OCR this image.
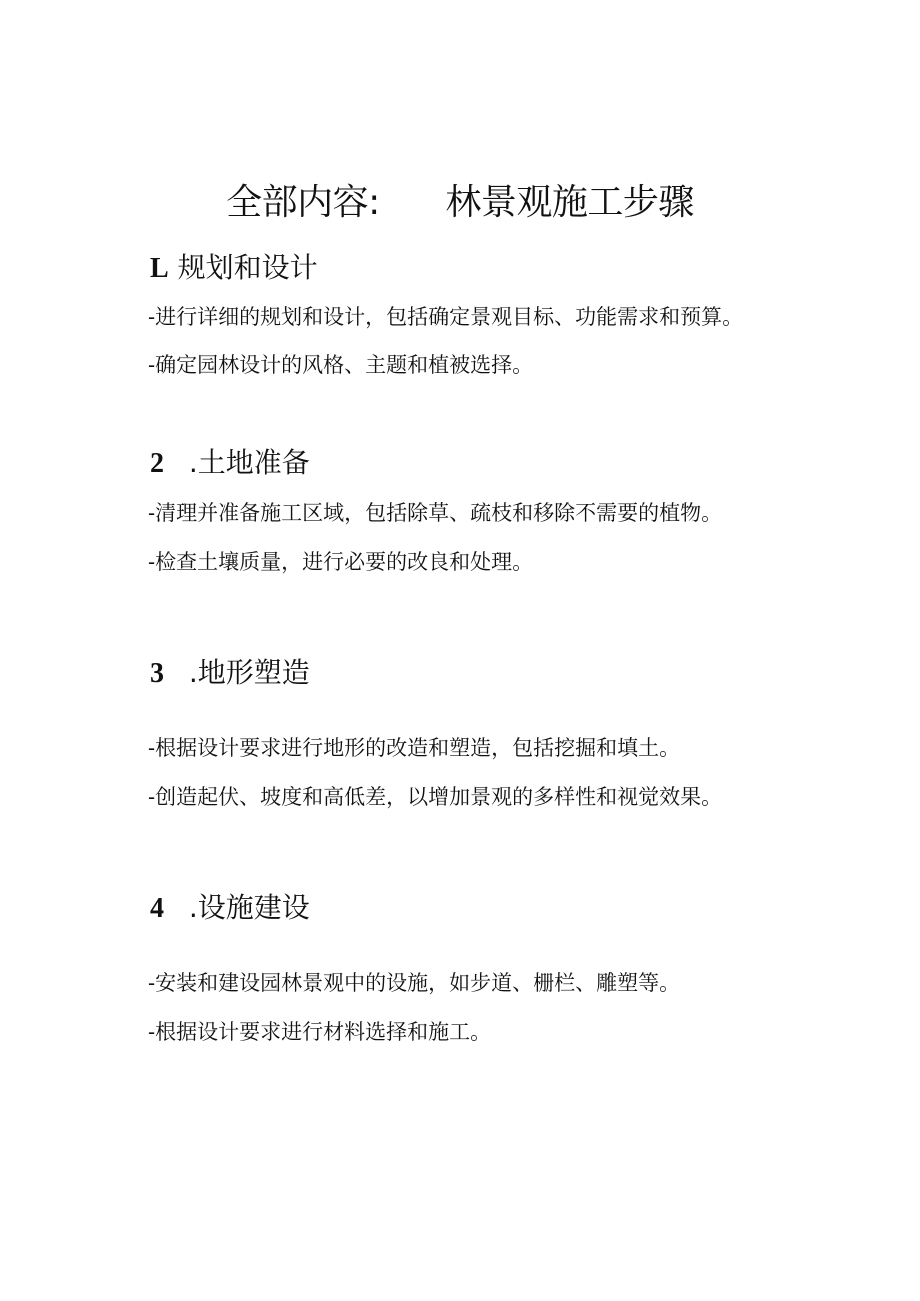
全部内容:      林景观施工步骤
L 规划和设计
-进行详细的规划和设计，包括确定景观目标、功能需求和预算。
-确定园林设计的风格、主题和植被选择。
2 .土地准备
-清理并准备施工区域，包括除草、疏枝和移除不需要的植物。
-检查土壤质量，进行必要的改良和处理。
3 .地形塑造
-根据设计要求进行地形的改造和塑造，包括挖掘和填土。
-创造起伏、坡度和高低差，以增加景观的多样性和视觉效果。
4 .设施建设
-安装和建设园林景观中的设施，如步道、栅栏、雕塑等。
-根据设计要求进行材料选择和施工。
